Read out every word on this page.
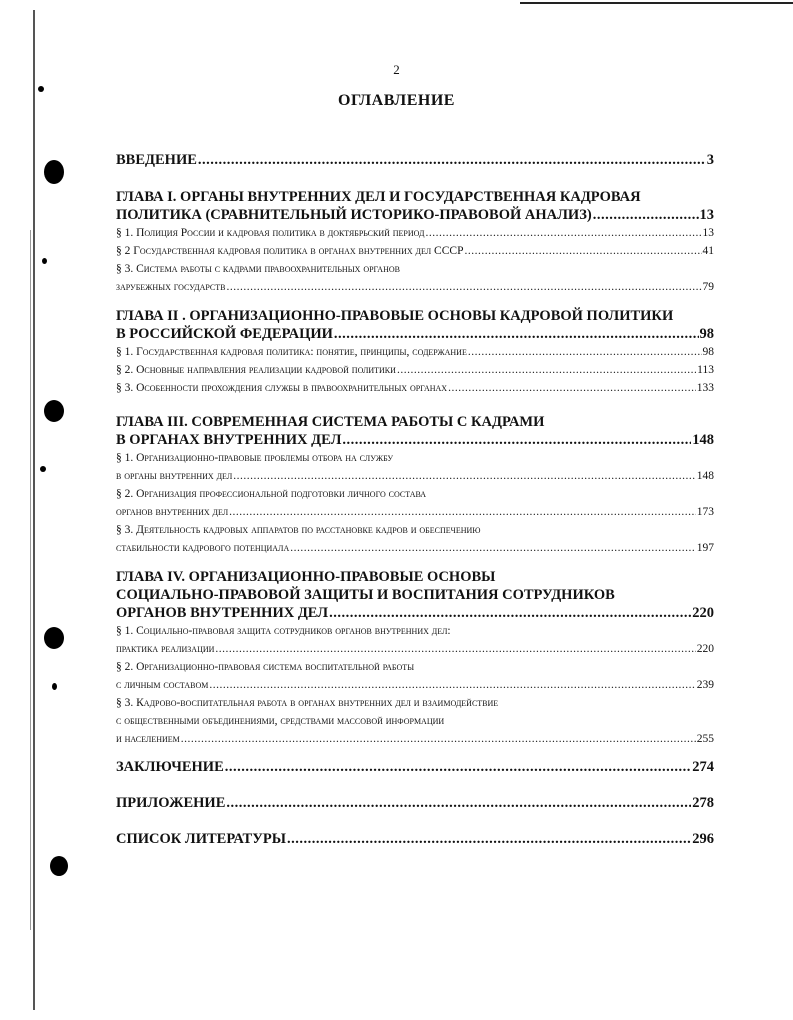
2
ОГЛАВЛЕНИЕ
ВВЕДЕНИЕ .....	3
ГЛАВА I. ОРГАНЫ ВНУТРЕННИХ ДЕЛ И ГОСУДАРСТВЕННАЯ КАДРОВАЯ
ПОЛИТИКА (СРАВНИТЕЛЬНЫЙ ИСТОРИКО-ПРАВОВОЙ АНАЛИЗ) .....	13
§ 1. Полиция России и кадровая политика в доктябрьский период .....	13
§ 2 Государственная кадровая политика в органах внутренних дел СССР .....	41
§ 3. Система работы с кадрами правоохранительных органов
зарубежных государств .....	79
ГЛАВА II . ОРГАНИЗАЦИОННО-ПРАВОВЫЕ ОСНОВЫ КАДРОВОЙ ПОЛИТИКИ
В РОССИЙСКОЙ ФЕДЕРАЦИИ .....	98
§ 1. Государственная кадровая политика: понятие, принципы, содержание .....	98
§ 2. Основные направления реализации кадровой политики .....	113
§ 3. Особенности прохождения службы в правоохранительных органах .....	133
ГЛАВА III. СОВРЕМЕННАЯ СИСТЕМА РАБОТЫ С КАДРАМИ
В ОРГАНАХ ВНУТРЕННИХ ДЕЛ .....	148
§ 1. Организационно-правовые проблемы отбора на службу
в органы внутренних дел .....	148
§ 2. Организация профессиональной подготовки личного состава
органов внутренних дел .....	173
§ 3. Деятельность кадровых аппаратов по расстановке кадров и обеспечению
стабильности кадрового потенциала .....	197
ГЛАВА IV. ОРГАНИЗАЦИОННО-ПРАВОВЫЕ ОСНОВЫ
СОЦИАЛЬНО-ПРАВОВОЙ ЗАЩИТЫ И ВОСПИТАНИЯ СОТРУДНИКОВ
ОРГАНОВ ВНУТРЕННИХ ДЕЛ .....	220
§ 1. Социально-правовая защита сотрудников органов внутренних дел:
практика реализации .....	220
§ 2. Организационно-правовая система воспитательной работы
с личным составом .....	239
§ 3. Кадрово-воспитательная работа в органах внутренних дел и взаимодействие
с общественными объединениями, средствами массовой информации
и населением .....	255
ЗАКЛЮЧЕНИЕ .....	274
ПРИЛОЖЕНИЕ .....	278
СПИСОК ЛИТЕРАТУРЫ .....	296
